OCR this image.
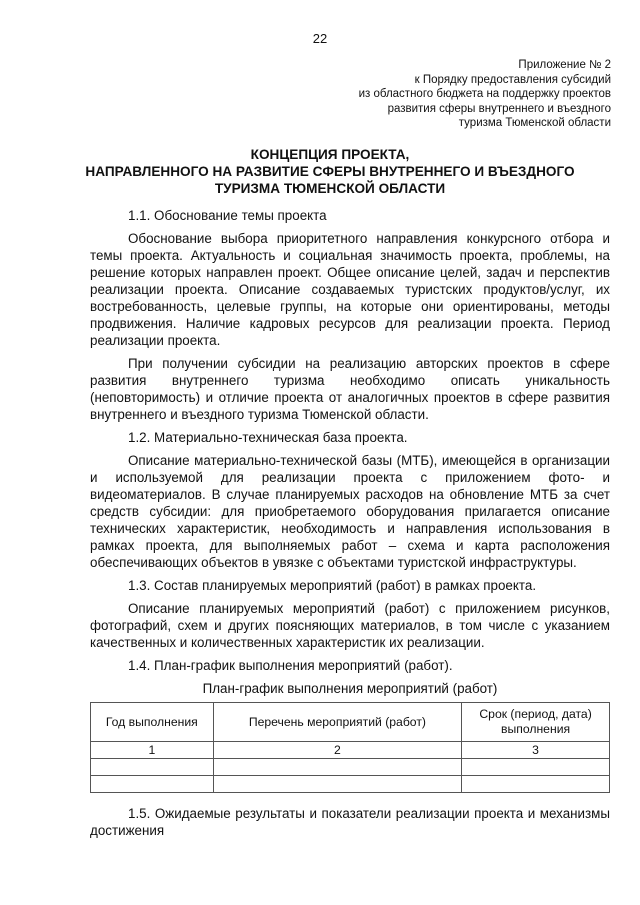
22
Приложение № 2
к Порядку предоставления субсидий
из областного бюджета на поддержку проектов
развития сферы внутреннего и въездного
туризма Тюменской области
КОНЦЕПЦИЯ ПРОЕКТА,
НАПРАВЛЕННОГО НА РАЗВИТИЕ СФЕРЫ ВНУТРЕННЕГО И ВЪЕЗДНОГО
ТУРИЗМА ТЮМЕНСКОЙ ОБЛАСТИ

1.1. Обоснование темы проекта

Обоснование выбора приоритетного направления конкурсного отбора и темы проекта. Актуальность и социальная значимость проекта, проблемы, на решение которых направлен проект. Общее описание целей, задач и перспектив реализации проекта. Описание создаваемых туристских продуктов/услуг, их востребованность, целевые группы, на которые они ориентированы, методы продвижения. Наличие кадровых ресурсов для реализации проекта. Период реализации проекта.

При получении субсидии на реализацию авторских проектов в сфере развития внутреннего туризма необходимо описать уникальность (неповторимость) и отличие проекта от аналогичных проектов в сфере развития внутреннего и въездного туризма Тюменской области.

1.2. Материально-техническая база проекта.

Описание материально-технической базы (МТБ), имеющейся в организации и используемой для реализации проекта с приложением фото- и видеоматериалов. В случае планируемых расходов на обновление МТБ за счет средств субсидии: для приобретаемого оборудования прилагается описание технических характеристик, необходимость и направления использования в рамках проекта, для выполняемых работ – схема и карта расположения обеспечивающих объектов в увязке с объектами туристской инфраструктуры.

1.3. Состав планируемых мероприятий (работ) в рамках проекта.

Описание планируемых мероприятий (работ) с приложением рисунков, фотографий, схем и других поясняющих материалов, в том числе с указанием качественных и количественных характеристик их реализации.

1.4. План-график выполнения мероприятий (работ).

План-график выполнения мероприятий (работ)
Год выполнения	Перечень мероприятий (работ)	Срок (период, дата) выполнения
1	2	3

1.5. Ожидаемые результаты и показатели реализации проекта и механизмы достижения
